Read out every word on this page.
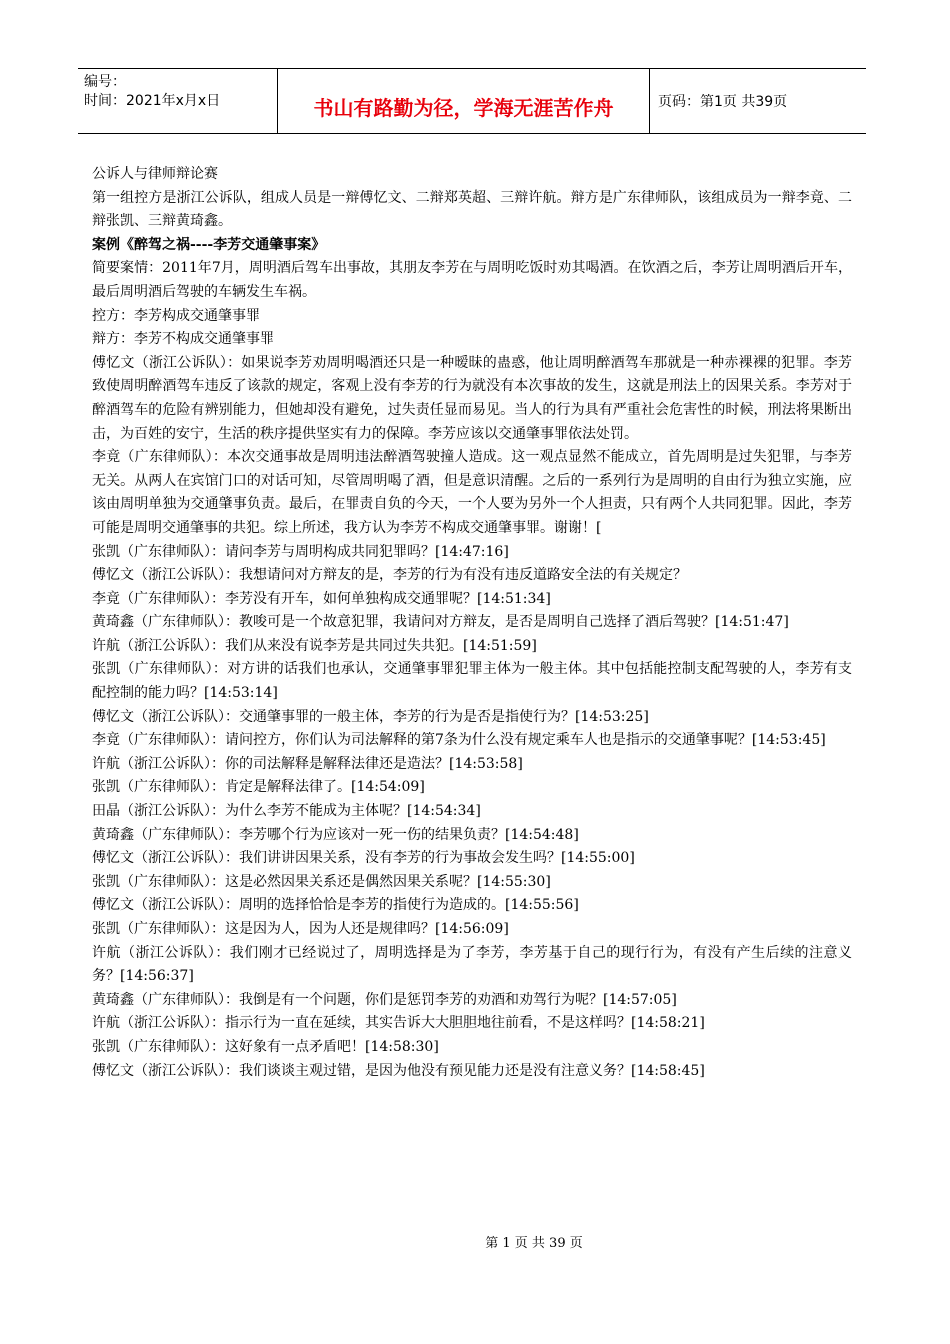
编号：
时间：2021年x月x日	书山有路勤为径，学海无涯苦作舟	页码：第1页 共39页

公诉人与律师辩论赛

第一组控方是浙江公诉队，组成人员是一辩傅忆文、二辩郑英超、三辩许航。辩方是广东律师队，该组成员为一辩李竟、二辩张凯、三辩黄琦鑫。

案例《醉驾之祸----李芳交通肇事案》

简要案情：2011年7月，周明酒后驾车出事故，其朋友李芳在与周明吃饭时劝其喝酒。在饮酒之后，李芳让周明酒后开车，最后周明酒后驾驶的车辆发生车祸。

控方：李芳构成交通肇事罪

辩方：李芳不构成交通肇事罪

傅忆文（浙江公诉队）：如果说李芳劝周明喝酒还只是一种暧昧的蛊惑，他让周明醉酒驾车那就是一种赤裸裸的犯罪。李芳致使周明醉酒驾车违反了该款的规定，客观上没有李芳的行为就没有本次事故的发生，这就是刑法上的因果关系。李芳对于醉酒驾车的危险有辨别能力，但她却没有避免，过失责任显而易见。当人的行为具有严重社会危害性的时候，刑法将果断出击，为百姓的安宁，生活的秩序提供坚实有力的保障。李芳应该以交通肇事罪依法处罚。

李竟（广东律师队）：本次交通事故是周明违法醉酒驾驶撞人造成。这一观点显然不能成立，首先周明是过失犯罪，与李芳无关。从两人在宾馆门口的对话可知，尽管周明喝了酒，但是意识清醒。之后的一系列行为是周明的自由行为独立实施，应该由周明单独为交通肇事负责。最后，在罪责自负的今天，一个人要为另外一个人担责，只有两个人共同犯罪。因此，李芳可能是周明交通肇事的共犯。综上所述，我方认为李芳不构成交通肇事罪。谢谢！[

张凯（广东律师队）：请问李芳与周明构成共同犯罪吗？[14:47:16]

傅忆文（浙江公诉队）：我想请问对方辩友的是，李芳的行为有没有违反道路安全法的有关规定？

李竟（广东律师队）：李芳没有开车，如何单独构成交通罪呢？[14:51:34]

黄琦鑫（广东律师队）：教唆可是一个故意犯罪，我请问对方辩友，是否是周明自己选择了酒后驾驶？[14:51:47]

许航（浙江公诉队）：我们从来没有说李芳是共同过失共犯。[14:51:59]

张凯（广东律师队）：对方讲的话我们也承认，交通肇事罪犯罪主体为一般主体。其中包括能控制支配驾驶的人，李芳有支配控制的能力吗？[14:53:14]

傅忆文（浙江公诉队）：交通肇事罪的一般主体，李芳的行为是否是指使行为？[14:53:25]

李竟（广东律师队）：请问控方，你们认为司法解释的第7条为什么没有规定乘车人也是指示的交通肇事呢？[14:53:45]

许航（浙江公诉队）：你的司法解释是解释法律还是造法？[14:53:58]

张凯（广东律师队）：肯定是解释法律了。[14:54:09]

田晶（浙江公诉队）：为什么李芳不能成为主体呢？[14:54:34]

黄琦鑫（广东律师队）：李芳哪个行为应该对一死一伤的结果负责？[14:54:48]

傅忆文（浙江公诉队）：我们讲讲因果关系，没有李芳的行为事故会发生吗？[14:55:00]

张凯（广东律师队）：这是必然因果关系还是偶然因果关系呢？[14:55:30]

傅忆文（浙江公诉队）：周明的选择恰恰是李芳的指使行为造成的。[14:55:56]

张凯（广东律师队）：这是因为人，因为人还是规律吗？[14:56:09]

许航（浙江公诉队）：我们刚才已经说过了，周明选择是为了李芳，李芳基于自己的现行行为，有没有产生后续的注意义务？[14:56:37]

黄琦鑫（广东律师队）：我倒是有一个问题，你们是惩罚李芳的劝酒和劝驾行为呢？[14:57:05]

许航（浙江公诉队）：指示行为一直在延续，其实告诉大大胆胆地往前看，不是这样吗？[14:58:21]

张凯（广东律师队）：这好象有一点矛盾吧！[14:58:30]

傅忆文（浙江公诉队）：我们谈谈主观过错，是因为他没有预见能力还是没有注意义务？[14:58:45]

第 1 页 共 39 页
